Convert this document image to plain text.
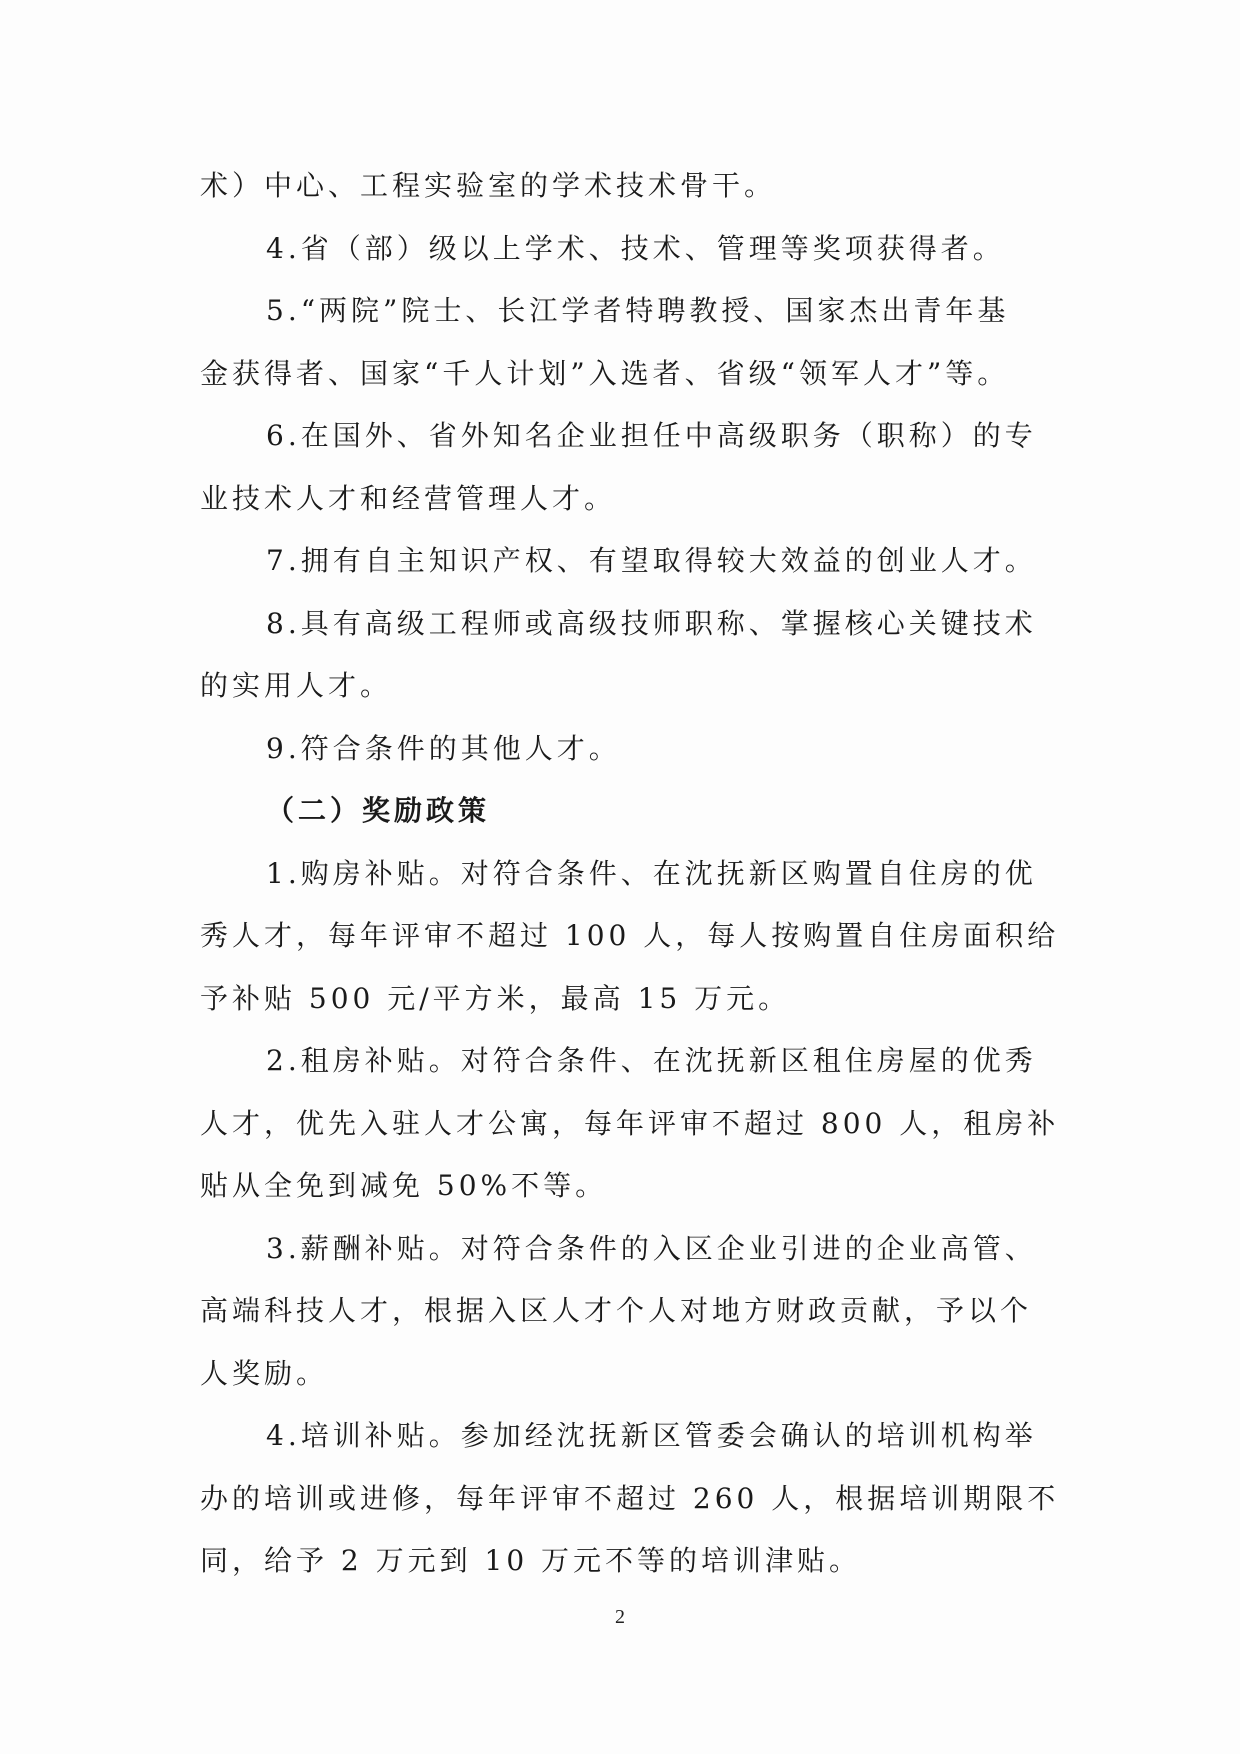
术）中心、工程实验室的学术技术骨干。
4.省（部）级以上学术、技术、管理等奖项获得者。
5.“两院”院士、长江学者特聘教授、国家杰出青年基
金获得者、国家“千人计划”入选者、省级“领军人才”等。
6.在国外、省外知名企业担任中高级职务（职称）的专
业技术人才和经营管理人才。
7.拥有自主知识产权、有望取得较大效益的创业人才。
8.具有高级工程师或高级技师职称、掌握核心关键技术
的实用人才。
9.符合条件的其他人才。
（二）奖励政策
1.购房补贴。对符合条件、在沈抚新区购置自住房的优
秀人才，每年评审不超过 100 人，每人按购置自住房面积给
予补贴 500 元/平方米，最高 15 万元。
2.租房补贴。对符合条件、在沈抚新区租住房屋的优秀
人才，优先入驻人才公寓，每年评审不超过 800 人，租房补
贴从全免到减免 50%不等。
3.薪酬补贴。对符合条件的入区企业引进的企业高管、
高端科技人才，根据入区人才个人对地方财政贡献，予以个
人奖励。
4.培训补贴。参加经沈抚新区管委会确认的培训机构举
办的培训或进修，每年评审不超过 260 人，根据培训期限不
同，给予 2 万元到 10 万元不等的培训津贴。
2
